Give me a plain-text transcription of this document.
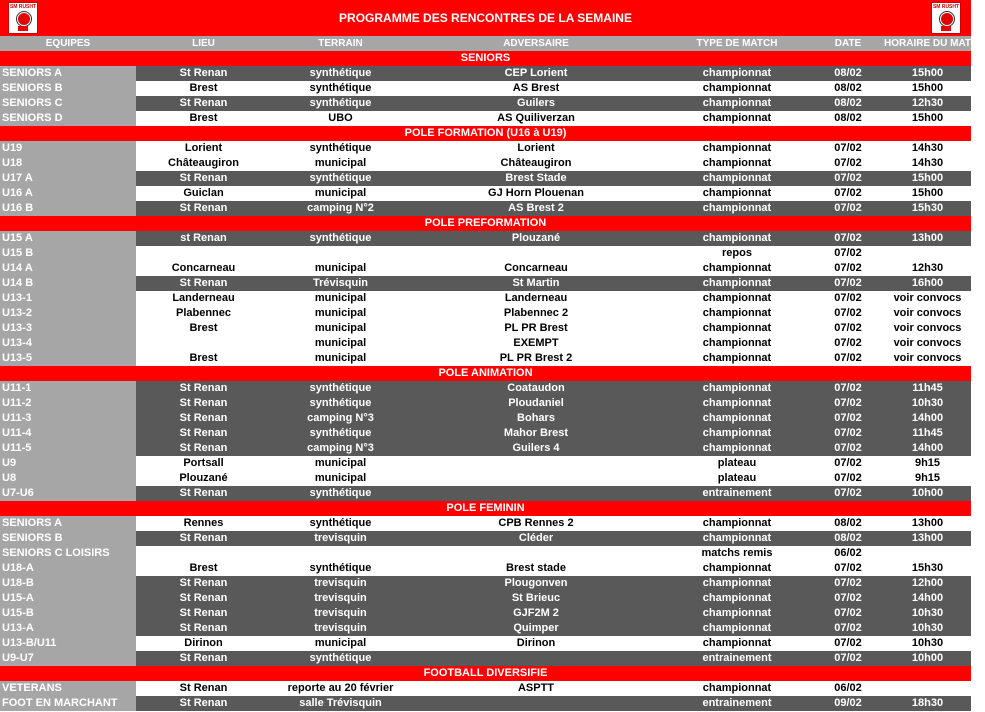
PROGRAMME DES RENCONTRES DE LA SEMAINE
SM RUSHT	SM RUSHT
EQUIPES	LIEU	TERRAIN	ADVERSAIRE	TYPE DE MATCH	DATE	HORAIRE DU MATCH
SENIORS						
SENIORS A	St Renan	synthétique	CEP Lorient	championnat	08/02	15h00
SENIORS B	Brest	synthétique	AS Brest	championnat	08/02	15h00
SENIORS C	St Renan	synthétique	Guilers	championnat	08/02	12h30
SENIORS D	Brest	UBO	AS Quiliverzan	championnat	08/02	15h00
POLE FORMATION (U16 à U19)						
U19	Lorient	synthétique	Lorient	championnat	07/02	14h30
U18	Châteaugiron	municipal	Châteaugiron	championnat	07/02	14h30
U17 A	St Renan	synthétique	Brest Stade	championnat	07/02	15h00
U16 A	Guiclan	municipal	GJ Horn Plouenan	championnat	07/02	15h00
U16 B	St Renan	camping N°2	AS Brest 2	championnat	07/02	15h30
POLE PREFORMATION						
U15 A	st Renan	synthétique	Plouzané	championnat	07/02	13h00
U15 B				repos	07/02	
U14 A	Concarneau	municipal	Concarneau	championnat	07/02	12h30
U14 B	St Renan	Trévisquin	St Martin	championnat	07/02	16h00
U13-1	Landerneau	municipal	Landerneau	championnat	07/02	voir convocs
U13-2	Plabennec	municipal	Plabennec 2	championnat	07/02	voir convocs
U13-3	Brest	municipal	PL PR Brest	championnat	07/02	voir convocs
U13-4		municipal	EXEMPT	championnat	07/02	voir convocs
U13-5	Brest	municipal	PL PR Brest 2	championnat	07/02	voir convocs
POLE ANIMATION						
U11-1	St Renan	synthétique	Coataudon	championnat	07/02	11h45
U11-2	St Renan	synthétique	Ploudaniel	championnat	07/02	10h30
U11-3	St Renan	camping N°3	Bohars	championnat	07/02	14h00
U11-4	St Renan	synthétique	Mahor Brest	championnat	07/02	11h45
U11-5	St Renan	camping N°3	Guilers 4	championnat	07/02	14h00
U9	Portsall	municipal		plateau	07/02	9h15
U8	Plouzané	municipal		plateau	07/02	9h15
U7-U6	St Renan	synthétique		entrainement	07/02	10h00
POLE FEMININ						
SENIORS A	Rennes	synthétique	CPB Rennes 2	championnat	08/02	13h00
SENIORS B	St Renan	trevisquin	Cléder	championnat	08/02	13h00
SENIORS C LOISIRS				matchs remis	06/02	
U18-A	Brest	synthétique	Brest stade	championnat	07/02	15h30
U18-B	St Renan	trevisquin	Plougonven	championnat	07/02	12h00
U15-A	St Renan	trevisquin	St Brieuc	championnat	07/02	14h00
U15-B	St Renan	trevisquin	GJF2M 2	championnat	07/02	10h30
U13-A	St Renan	trevisquin	Quimper	championnat	07/02	10h30
U13-B/U11	Dirinon	municipal	Dirinon	championnat	07/02	10h30
U9-U7	St Renan	synthétique		entrainement	07/02	10h00
FOOTBALL DIVERSIFIE						
VETERANS	St Renan	reporte au 20 février	ASPTT	championnat	06/02	
FOOT EN MARCHANT	St Renan	salle Trévisquin		entrainement	09/02	18h30
